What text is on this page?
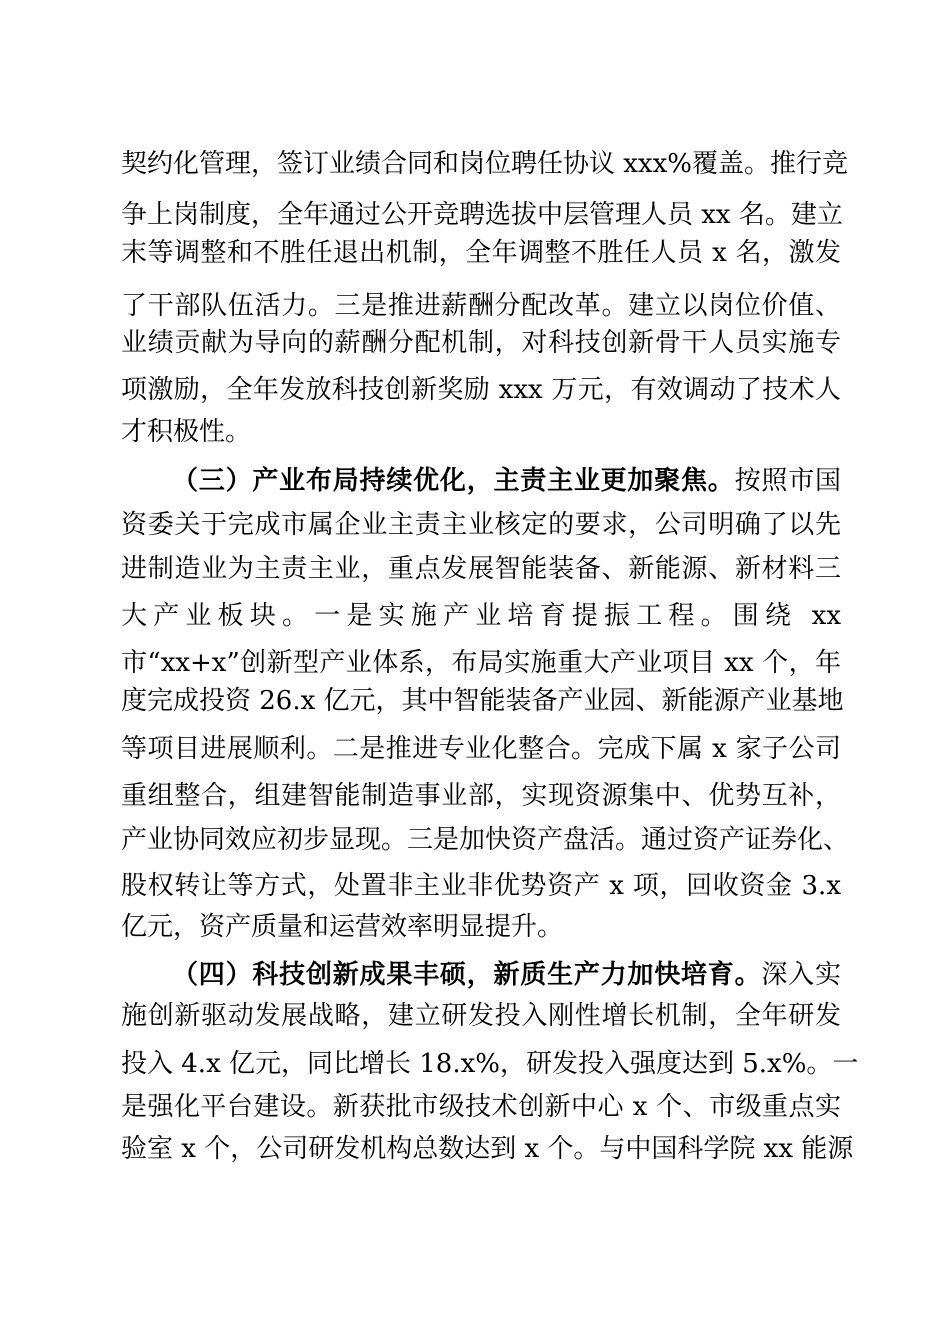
契约化管理，签订业绩合同和岗位聘任协议 xxx%覆盖。推行竞
争上岗制度，全年通过公开竞聘选拔中层管理人员 xx 名。建立
末等调整和不胜任退出机制，全年调整不胜任人员 x 名，激发
了干部队伍活力。三是推进薪酬分配改革。建立以岗位价值、
业绩贡献为导向的薪酬分配机制，对科技创新骨干人员实施专
项激励，全年发放科技创新奖励 xxx 万元，有效调动了技术人
才积极性。
（三）产业布局持续优化，主责主业更加聚焦。按照市国
资委关于完成市属企业主责主业核定的要求，公司明确了以先
进制造业为主责主业，重点发展智能装备、新能源、新材料三
大产业板块。一是实施产业培育提振工程。围绕 xx
市“xx+x”创新型产业体系，布局实施重大产业项目 xx 个，年
度完成投资 26.x 亿元，其中智能装备产业园、新能源产业基地
等项目进展顺利。二是推进专业化整合。完成下属 x 家子公司
重组整合，组建智能制造事业部，实现资源集中、优势互补，
产业协同效应初步显现。三是加快资产盘活。通过资产证券化、
股权转让等方式，处置非主业非优势资产 x 项，回收资金 3.x
亿元，资产质量和运营效率明显提升。
（四）科技创新成果丰硕，新质生产力加快培育。深入实
施创新驱动发展战略，建立研发投入刚性增长机制，全年研发
投入 4.x 亿元，同比增长 18.x%，研发投入强度达到 5.x%。一
是强化平台建设。新获批市级技术创新中心 x 个、市级重点实
验室 x 个，公司研发机构总数达到 x 个。与中国科学院 xx 能源
